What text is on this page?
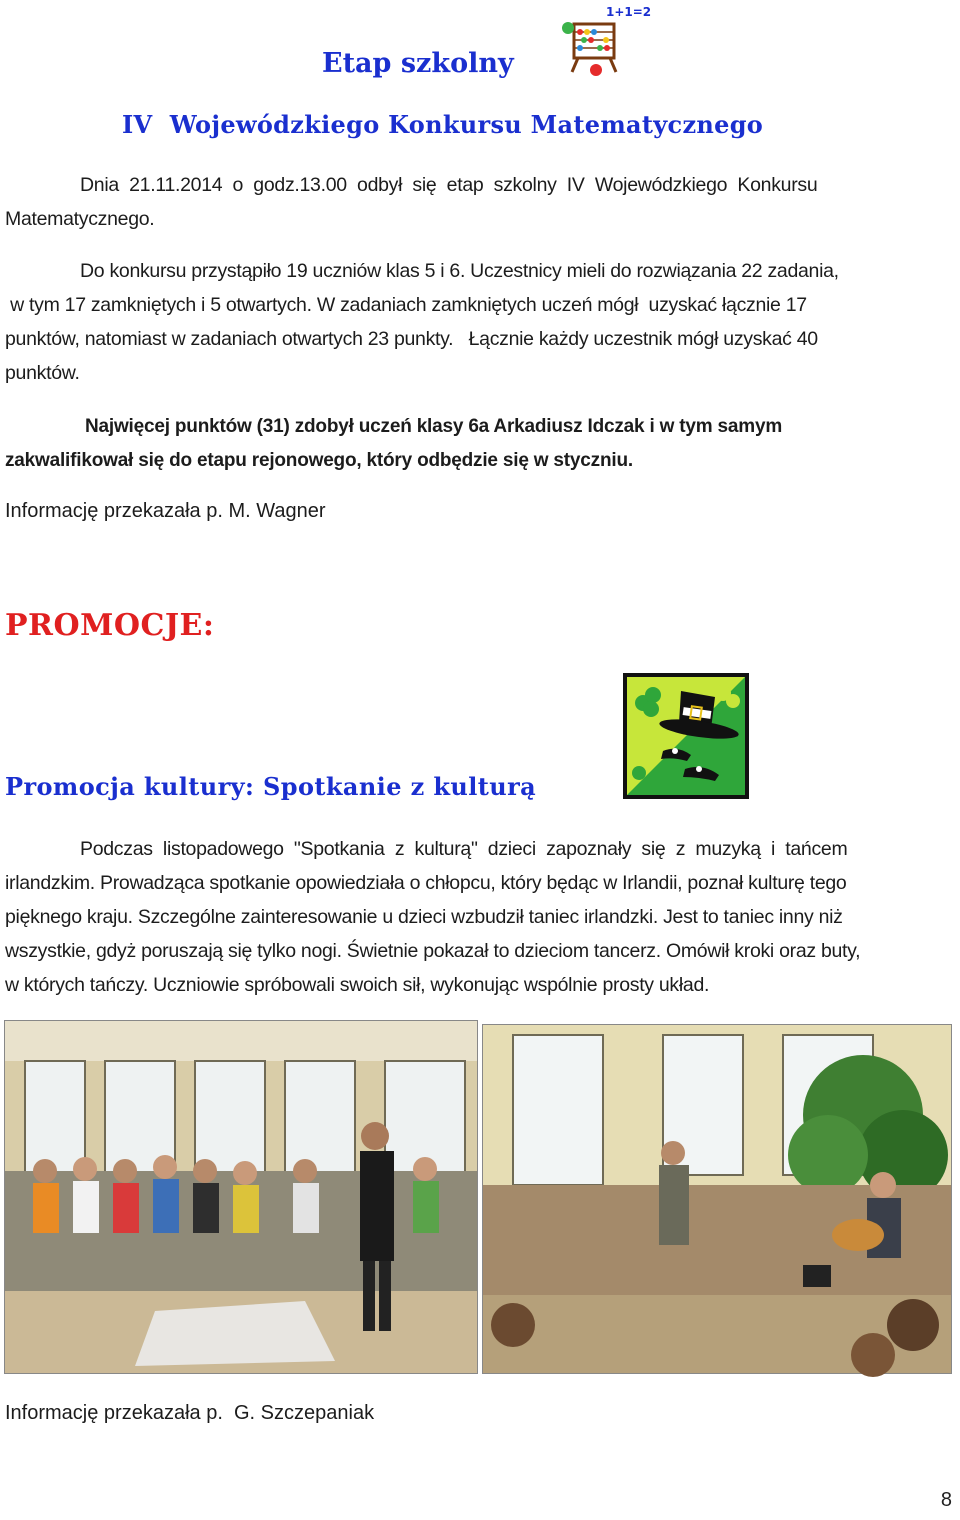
Etap szkolny
1+1=2
IV  Wojewódzkiego Konkursu Matematycznego
Dnia  21.11.2014  o  godz.13.00  odbył  się  etap  szkolny  IV  Wojewódzkiego  Konkursu
Matematycznego.
Do konkursu przystąpiło 19 uczniów klas 5 i 6. Uczestnicy mieli do rozwiązania 22 zadania,
w tym 17 zamkniętych i 5 otwartych. W zadaniach zamkniętych uczeń mógł  uzyskać łącznie 17
punktów, natomiast w zadaniach otwartych 23 punkty.   Łącznie każdy uczestnik mógł uzyskać 40
punktów.
Najwięcej punktów (31) zdobył uczeń klasy 6a Arkadiusz Idczak i w tym samym
zakwalifikował się do etapu rejonowego, który odbędzie się w styczniu.
Informację przekazała p. M. Wagner
PROMOCJE:
Promocja kultury: Spotkanie z kulturą
Podczas  listopadowego  "Spotkania  z  kulturą"  dzieci  zapoznały  się  z  muzyką  i  tańcem
irlandzkim. Prowadząca spotkanie opowiedziała o chłopcu, który będąc w Irlandii, poznał kulturę tego
pięknego kraju. Szczególne zainteresowanie u dzieci wzbudził taniec irlandzki. Jest to taniec inny niż
wszystkie, gdyż poruszają się tylko nogi. Świetnie pokazał to dzieciom tancerz. Omówił kroki oraz buty,
w których tańczy. Uczniowie spróbowali swoich sił, wykonując wspólnie prosty układ.
Informację przekazała p.  G. Szczepaniak
8
